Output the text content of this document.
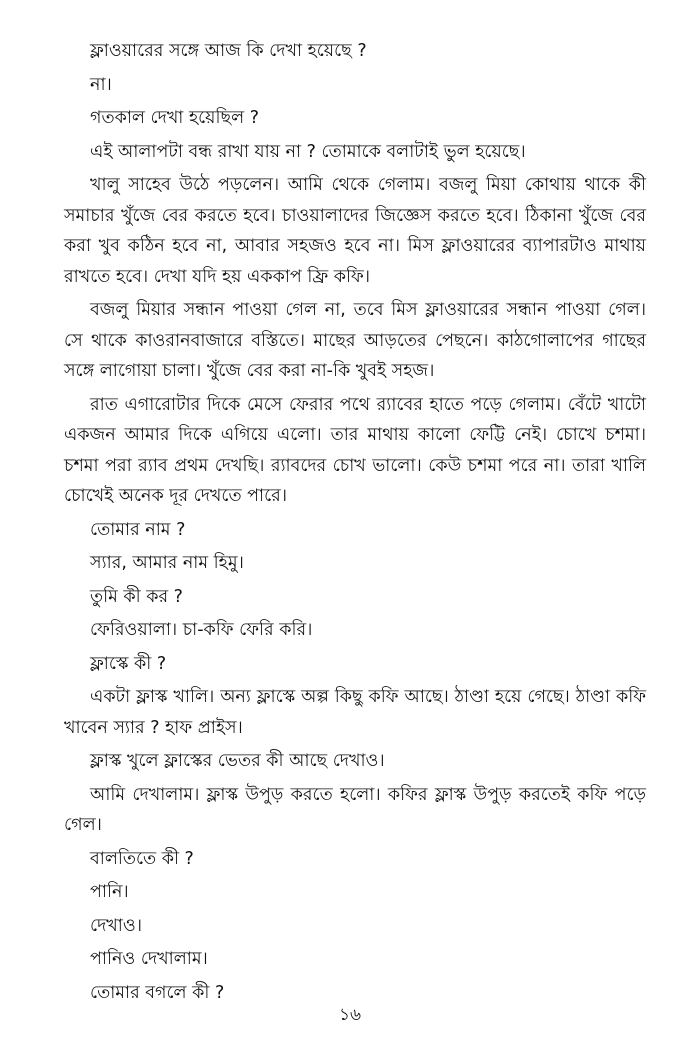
ফ্লাওয়ারের সঙ্গে আজ কি দেখা হয়েছে ?

না।

গতকাল দেখা হয়েছিল ?

এই আলাপটা বন্ধ রাখা যায় না ? তোমাকে বলাটাই ভুল হয়েছে।

খালু সাহেব উঠে পড়লেন। আমি থেকে গেলাম। বজলু মিয়া কোথায় থাকে কী সমাচার খুঁজে বের করতে হবে। চাওয়ালাদের জিজ্ঞেস করতে হবে। ঠিকানা খুঁজে বের করা খুব কঠিন হবে না, আবার সহজও হবে না। মিস ফ্লাওয়ারের ব্যাপারটাও মাথায় রাখতে হবে। দেখা যদি হয় এককাপ ফ্রি কফি।

বজলু মিয়ার সন্ধান পাওয়া গেল না, তবে মিস ফ্লাওয়ারের সন্ধান পাওয়া গেল। সে থাকে কাওরানবাজারে বস্তিতে। মাছের আড়তের পেছনে। কাঠগোলাপের গাছের সঙ্গে লাগোয়া চালা। খুঁজে বের করা না-কি খুবই সহজ।

রাত এগারোটার দিকে মেসে ফেরার পথে র‍্যাবের হাতে পড়ে গেলাম। বেঁটে খাটো একজন আমার দিকে এগিয়ে এলো। তার মাথায় কালো ফেট্টি নেই। চোখে চশমা। চশমা পরা র‍্যাব প্রথম দেখছি। র‍্যাবদের চোখ ভালো। কেউ চশমা পরে না। তারা খালি চোখেই অনেক দূর দেখতে পারে।

তোমার নাম ?

স্যার, আমার নাম হিমু।

তুমি কী কর ?

ফেরিওয়ালা। চা-কফি ফেরি করি।

ফ্লাস্কে কী ?

একটা ফ্লাস্ক খালি। অন্য ফ্লাস্কে অল্প কিছু কফি আছে। ঠাণ্ডা হয়ে গেছে। ঠাণ্ডা কফি খাবেন স্যার ? হাফ প্রাইস।

ফ্লাস্ক খুলে ফ্লাস্কের ভেতর কী আছে দেখাও।

আমি দেখালাম। ফ্লাস্ক উপুড় করতে হলো। কফির ফ্লাস্ক উপুড় করতেই কফি পড়ে গেল।

বালতিতে কী ?

পানি।

দেখাও।

পানিও দেখালাম।

তোমার বগলে কী ?

১৬
